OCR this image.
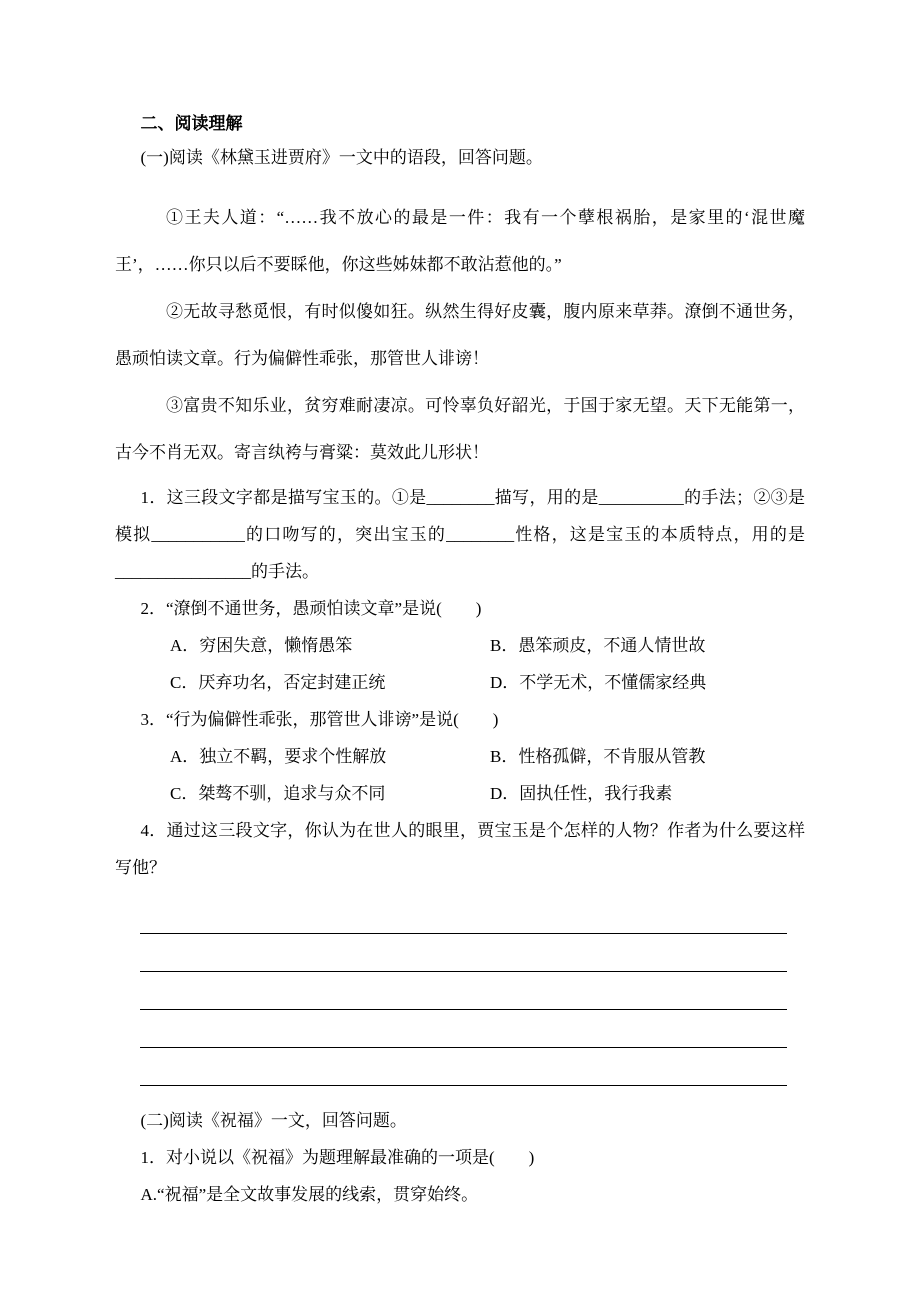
二、阅读理解

(一)阅读《林黛玉进贾府》一文中的语段，回答问题。

①王夫人道：“……我不放心的最是一件：我有一个孽根祸胎，是家里的‘混世魔王’，……你只以后不要睬他，你这些姊妹都不敢沾惹他的。”

②无故寻愁觅恨，有时似傻如狂。纵然生得好皮囊，腹内原来草莽。潦倒不通世务，愚顽怕读文章。行为偏僻性乖张，那管世人诽谤！

③富贵不知乐业，贫穷难耐凄凉。可怜辜负好韶光，于国于家无望。天下无能第一，古今不肖无双。寄言纨袴与膏粱：莫效此儿形状！

1．这三段文字都是描写宝玉的。①是________描写，用的是__________的手法；②③是模拟___________的口吻写的，突出宝玉的________性格，这是宝玉的本质特点，用的是________________的手法。

2．“潦倒不通世务，愚顽怕读文章”是说(　　)

A．穷困失意，懒惰愚笨	B．愚笨顽皮，不通人情世故
C．厌弃功名，否定封建正统	D．不学无术，不懂儒家经典

3．“行为偏僻性乖张，那管世人诽谤”是说(　　)

A．独立不羁，要求个性解放	B．性格孤僻，不肯服从管教
C．桀骜不驯，追求与众不同	D．固执任性，我行我素

4．通过这三段文字，你认为在世人的眼里，贾宝玉是个怎样的人物？作者为什么要这样写他？

(二)阅读《祝福》一文，回答问题。

1．对小说以《祝福》为题理解最准确的一项是(　　)

A.“祝福”是全文故事发展的线索，贯穿始终。
